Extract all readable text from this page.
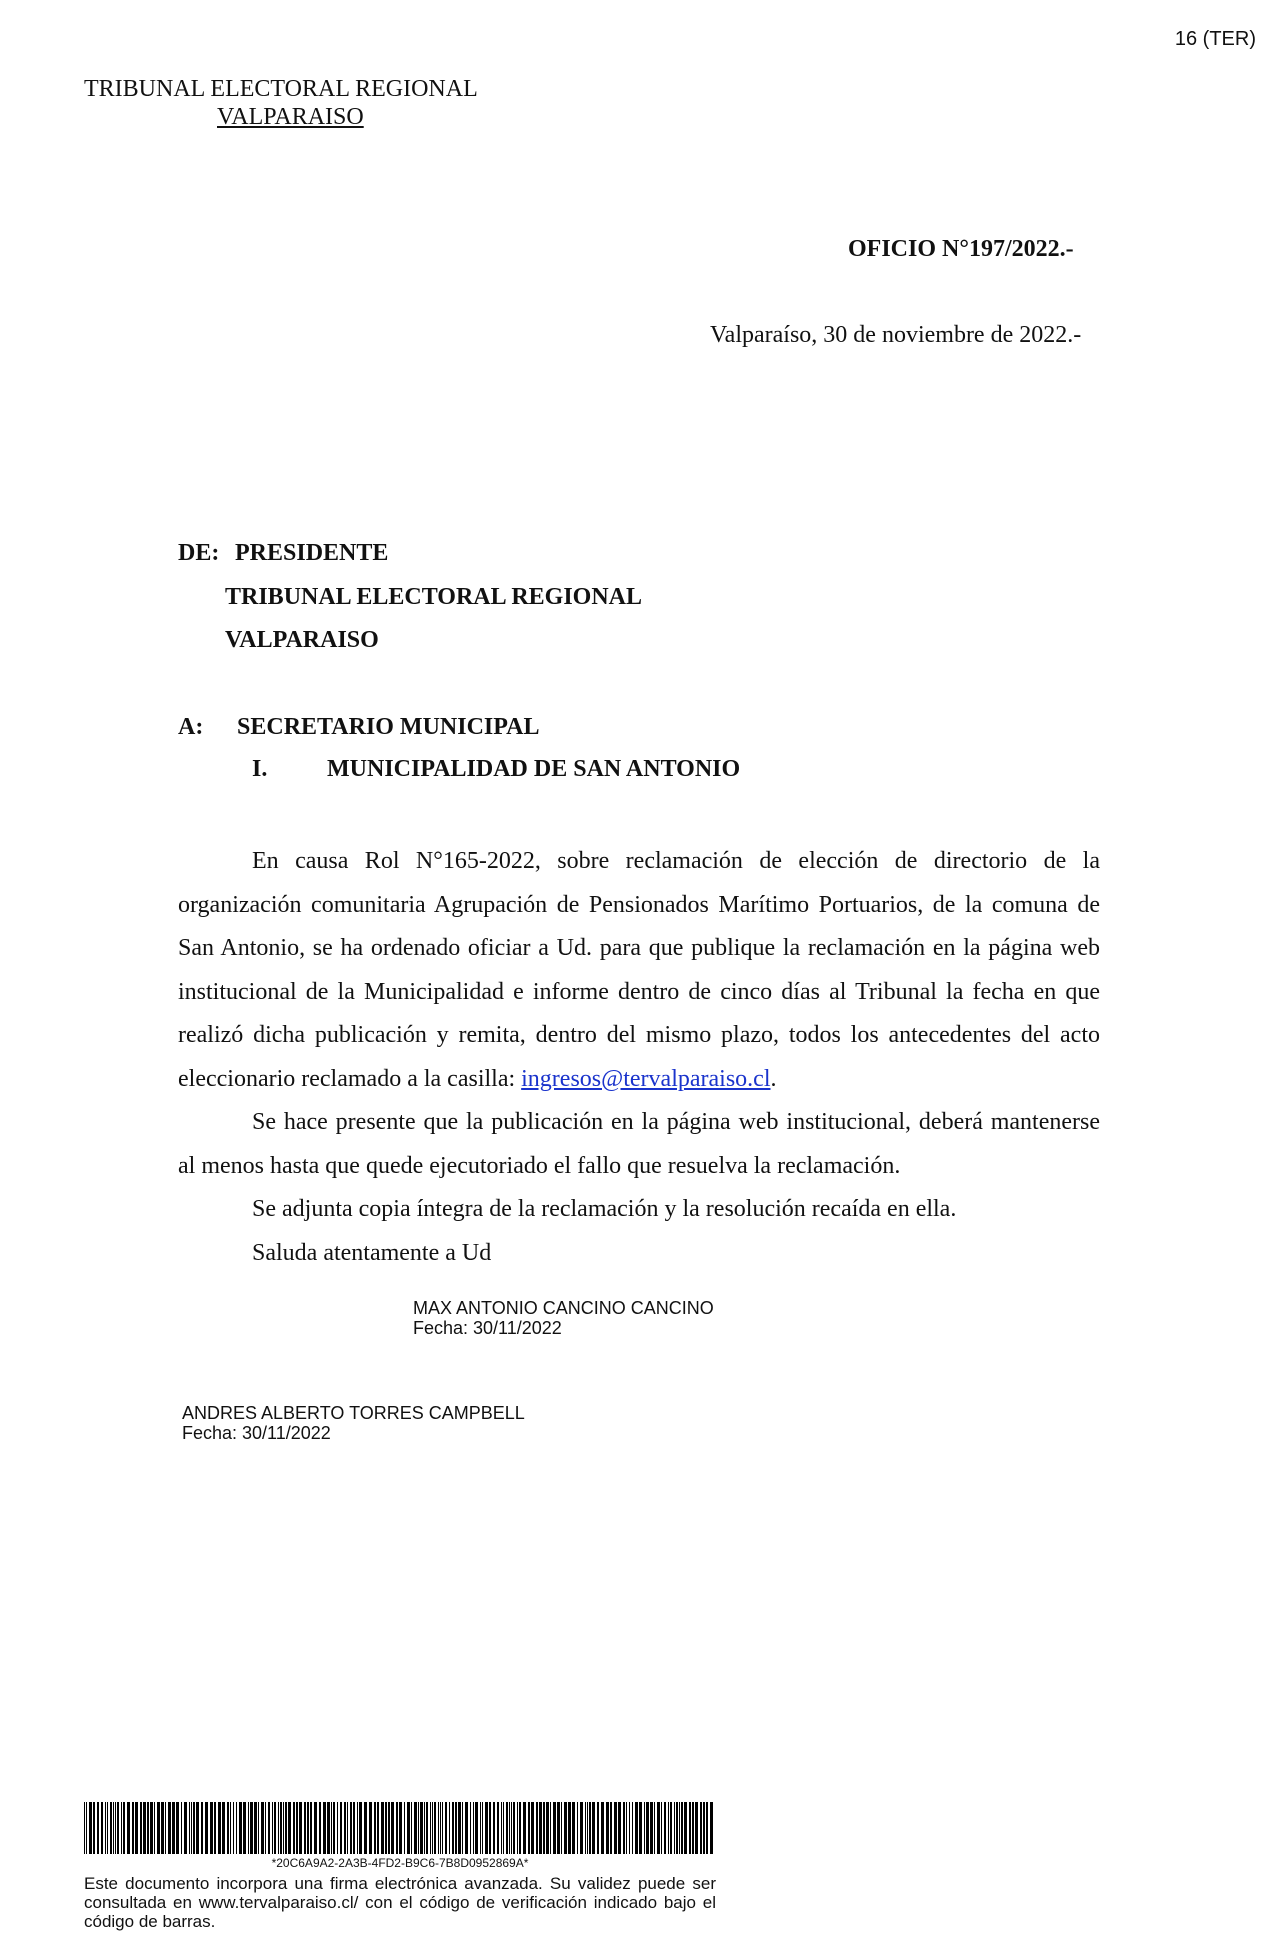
16 (TER)
TRIBUNAL ELECTORAL REGIONAL
VALPARAISO
OFICIO N°197/2022.-
Valparaíso, 30 de noviembre de 2022.-
DE: PRESIDENTE
TRIBUNAL ELECTORAL REGIONAL
VALPARAISO
A: SECRETARIO MUNICIPAL
I. MUNICIPALIDAD DE SAN ANTONIO

En causa Rol N°165-2022, sobre reclamación de elección de directorio de la organización comunitaria Agrupación de Pensionados Marítimo Portuarios, de la comuna de San Antonio, se ha ordenado oficiar a Ud. para que publique la reclamación en la página web institucional de la Municipalidad e informe dentro de cinco días al Tribunal la fecha en que realizó dicha publicación y remita, dentro del mismo plazo, todos los antecedentes del acto eleccionario reclamado a la casilla: ingresos@tervalparaiso.cl.

Se hace presente que la publicación en la página web institucional, deberá mantenerse al menos hasta que quede ejecutoriado el fallo que resuelva la reclamación.

Se adjunta copia íntegra de la reclamación y la resolución recaída en ella.

Saluda atentamente a Ud

MAX ANTONIO CANCINO CANCINO
Fecha: 30/11/2022
ANDRES ALBERTO TORRES CAMPBELL
Fecha: 30/11/2022
*20C6A9A2-2A3B-4FD2-B9C6-7B8D0952869A*
Este documento incorpora una firma electrónica avanzada. Su validez puede ser consultada en www.tervalparaiso.cl/ con el código de verificación indicado bajo el código de barras.
